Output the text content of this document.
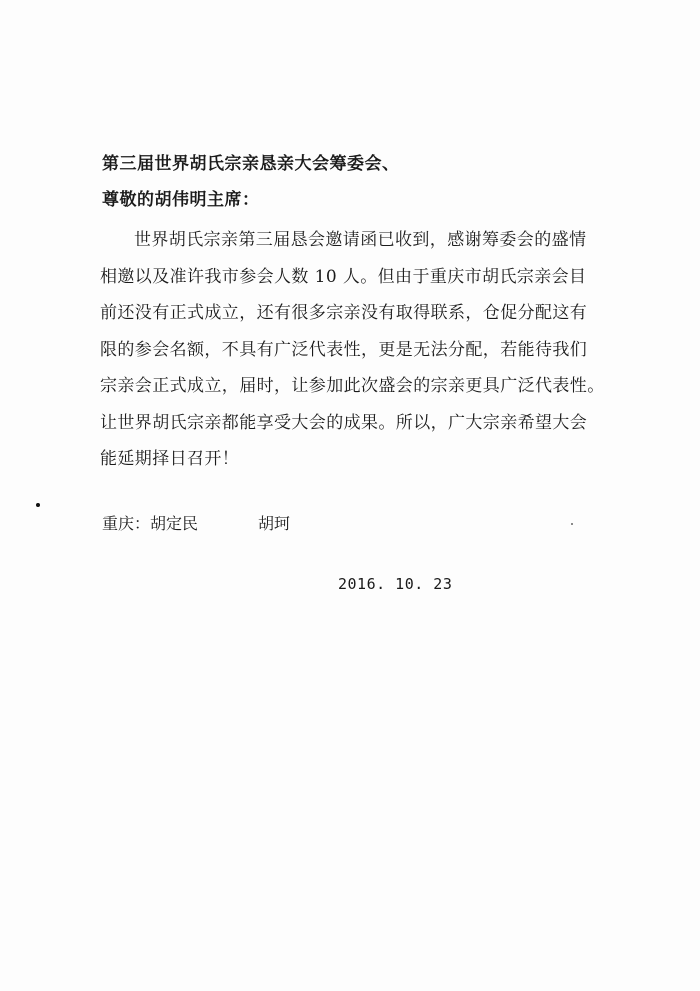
第三届世界胡氏宗亲恳亲大会筹委会、
尊敬的胡伟明主席：
世界胡氏宗亲第三届恳会邀请函已收到，感谢筹委会的盛情
相邀以及准许我市参会人数 10 人。但由于重庆市胡氏宗亲会目
前还没有正式成立，还有很多宗亲没有取得联系，仓促分配这有
限的参会名额，不具有广泛代表性，更是无法分配，若能待我们
宗亲会正式成立，届时，让参加此次盛会的宗亲更具广泛代表性。
让世界胡氏宗亲都能享受大会的成果。所以，广大宗亲希望大会
能延期择日召开！
重庆：胡定民	胡珂
2016. 10. 23
